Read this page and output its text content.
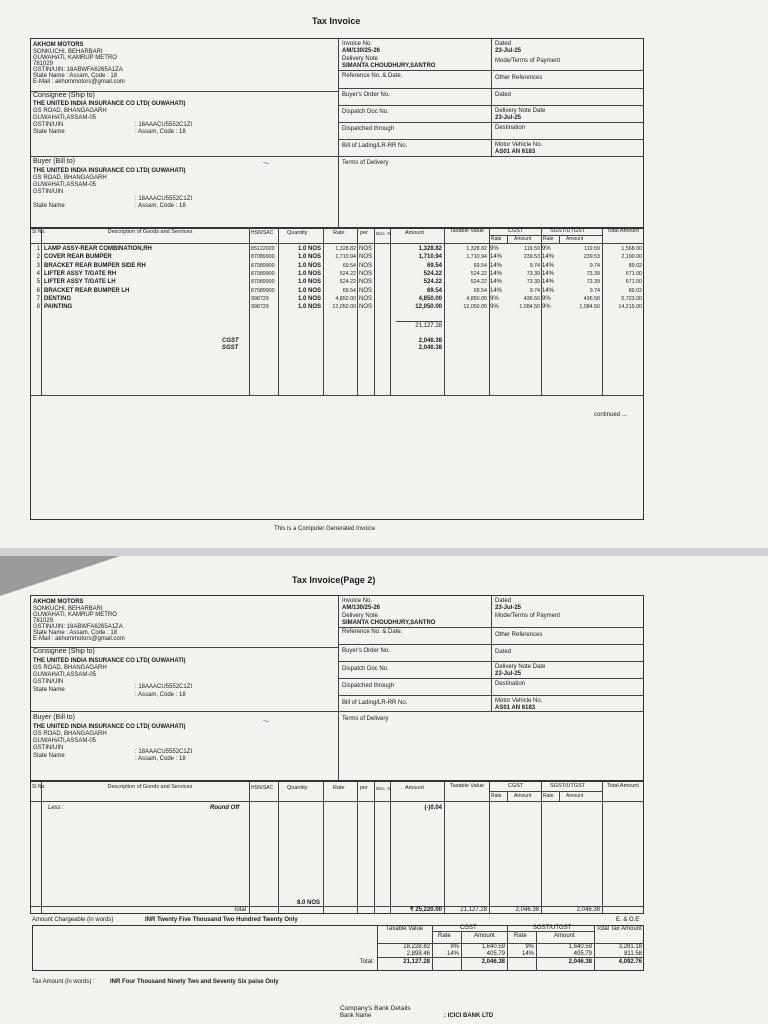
Tax Invoice
AKHOM MOTORS
SONKUCHI, BEHARBARI
GUWAHATI, KAMRUP METRO
781029
GSTIN/UIN: 18ABWFA6265A1ZA
State Name : Assam, Code : 18
E-Mail : akhommotors@gmail.com
Consignee (Ship to)
THE UNITED INDIA INSURANCE CO LTD( GUWAHATI)
GS ROAD, BHANGAGARH
GUWAHATI,ASSAM-05
GSTIN/UIN	: 18AAACU5552C1ZI
State Name	: Assam, Code : 18
Buyer (Bill to)	〜
THE UNITED INDIA INSURANCE CO LTD( GUWAHATI)
GS ROAD, BHANGAGARH
GUWAHATI,ASSAM-05
GSTIN/UIN
: 18AAACU5552C1ZI
State Name	: Assam, Code : 18
Invoice No.
AM/130/25-26
Delivery Note
SIMANTA CHOUDHURY,SANTRO
Dated
23-Jul-25
Mode/Terms of Payment
Reference No. & Date.	Other References
Buyer's Order No.	Dated
Dispatch Doc No.	Delivery Note Date
23-Jul-25
Dispatched through	Destination
Bill of Lading/LR-RR No.	Motor Vehicle No.
AS01 AN 6183
Terms of Delivery
Sl No.	Description of Goods and Services	HSN/SAC	Quantity	Rate	per Disc. % Amount	Taxable Value	CGST	SGST/UTGST
Rate Amount Rate Amount
Total Amount
1 LAMP ASSY-REAR COMBINATION,RH	85122020	1.0 NOS	1,328.82 NOS	1,328.82	1,328.82 9%	119.59 9%	119.59	1,568.00
2 COVER REAR BUMPER	87089900	1.0 NOS	1,710.94 NOS	1,710.94	1,710.94 14%	239.53 14%	239.53	2,190.00
3 BRACKET REAR BUMPER SIDE RH	87089900	1.0 NOS	69.54 NOS	69.54	69.54 14%	9.74 14%	9.74	89.02
4 LIFTER ASSY T/GATE RH	87089900	1.0 NOS	524.22 NOS	524.22	524.22 14%	73.39 14%	73.39	671.00
5 LIFTER ASSY T/GATE LH	87089900	1.0 NOS	524.22 NOS	524.22	524.22 14%	73.39 14%	73.39	671.00
6 BRACKET REAR BUMPER LH	87089900	1.0 NOS	69.54 NOS	69.54	69.54 14%	9.74 14%	9.74	89.02
7 DENTING	998729	1.0 NOS	4,850.00 NOS	4,850.00	4,850.00 9%	436.50 9%	436.50	5,723.00
8 PAINTING	998729	1.0 NOS	12,050.00 NOS	12,050.00	12,050.00 9%	1,084.50 9%	1,084.50	14,219.00
21,127.28
CGST
SGST
2,046.38
2,046.38
continued ...
This is a Computer Generated Invoice
Tax Invoice(Page 2)
AKHOM MOTORS
SONKUCHI, BEHARBARI
GUWAHATI, KAMRUP METRO
781029
GSTIN/UIN: 18ABWFA6265A1ZA
State Name : Assam, Code : 18
E-Mail : akhommotors@gmail.com
Consignee (Ship to)
THE UNITED INDIA INSURANCE CO LTD( GUWAHATI)
GS ROAD, BHANGAGARH
GUWAHATI,ASSAM-05
GSTIN/UIN
: 18AAACU5552C1ZI
State Name
: Assam, Code : 18
Buyer (Bill to)	〜
THE UNITED INDIA INSURANCE CO LTD( GUWAHATI)
GS ROAD, BHANGAGARH
GUWAHATI,ASSAM-05
GSTIN/UIN
: 18AAACU5552C1ZI
State Name	: Assam, Code : 18
Invoice No.
AM/130/25-26
Delivery Note
SIMANTA CHOUDHURY,SANTRO
Dated
23-Jul-25
Mode/Terms of Payment
Reference No. & Date.	Other References
Buyer's Order No.	Dated
Dispatch Doc No.	Delivery Note Date
23-Jul-25
Dispatched through	Destination
Bill of Lading/LR-RR No.	Motor Vehicle No.
AS01 AN 6183
Terms of Delivery
Sl No.	Description of Goods and Services	HSN/SAC	Quantity	Rate	per Disc. % Amount	Taxable Value	CGST	SGST/UTGST
Rate Amount Rate Amount
Total Amount
Less :	Round Off	(-)0.04
Total
8.0 NOS
₹ 25,220.00	21,127.28	2,046.38	2,046.38
Amount Chargeable (in words)	INR Twenty Five Thousand Two Hundred Twenty Only	E. & O.E
Taxable Value	CGST	SGST/UTGST
Rate	Amount	Rate	Amount
Total Tax Amount
18,228.82	9%	1,640.59	9%	1,640.59	3,281.18
2,898.46	14%	405.79	14%	405.79	811.58
Total:	21,127.28	2,046.38	2,046.38	4,092.76
Tax Amount (in words) :	INR Four Thousand Ninety Two and Seventy Six paise Only
Company's Bank Details
Bank Name	: ICICI BANK LTD
